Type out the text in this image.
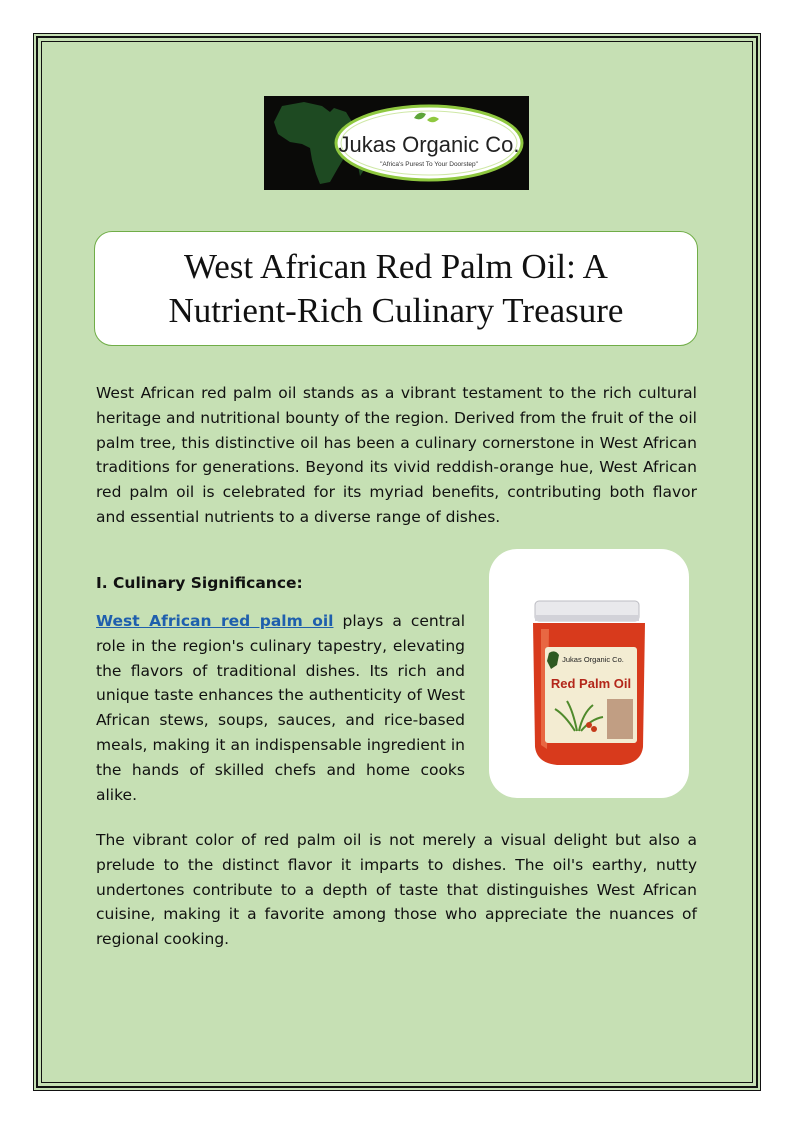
Jukas Organic Co.
"Africa's Purest To Your Doorstep"
West African Red Palm Oil: A Nutrient-Rich Culinary Treasure

West African red palm oil stands as a vibrant testament to the rich cultural heritage and nutritional bounty of the region. Derived from the fruit of the oil palm tree, this distinctive oil has been a culinary cornerstone in West African traditions for generations. Beyond its vivid reddish-orange hue, West African red palm oil is celebrated for its myriad benefits, contributing both flavor and essential nutrients to a diverse range of dishes.

I. Culinary Significance:

West African red palm oil plays a central role in the region's culinary tapestry, elevating the flavors of traditional dishes. Its rich and unique taste enhances the authenticity of West African stews, soups, sauces, and rice-based meals, making it an indispensable ingredient in the hands of skilled chefs and home cooks alike.

Jukas Organic Co.
Red Palm Oil

The vibrant color of red palm oil is not merely a visual delight but also a prelude to the distinct flavor it imparts to dishes. The oil's earthy, nutty undertones contribute to a depth of taste that distinguishes West African cuisine, making it a favorite among those who appreciate the nuances of regional cooking.
